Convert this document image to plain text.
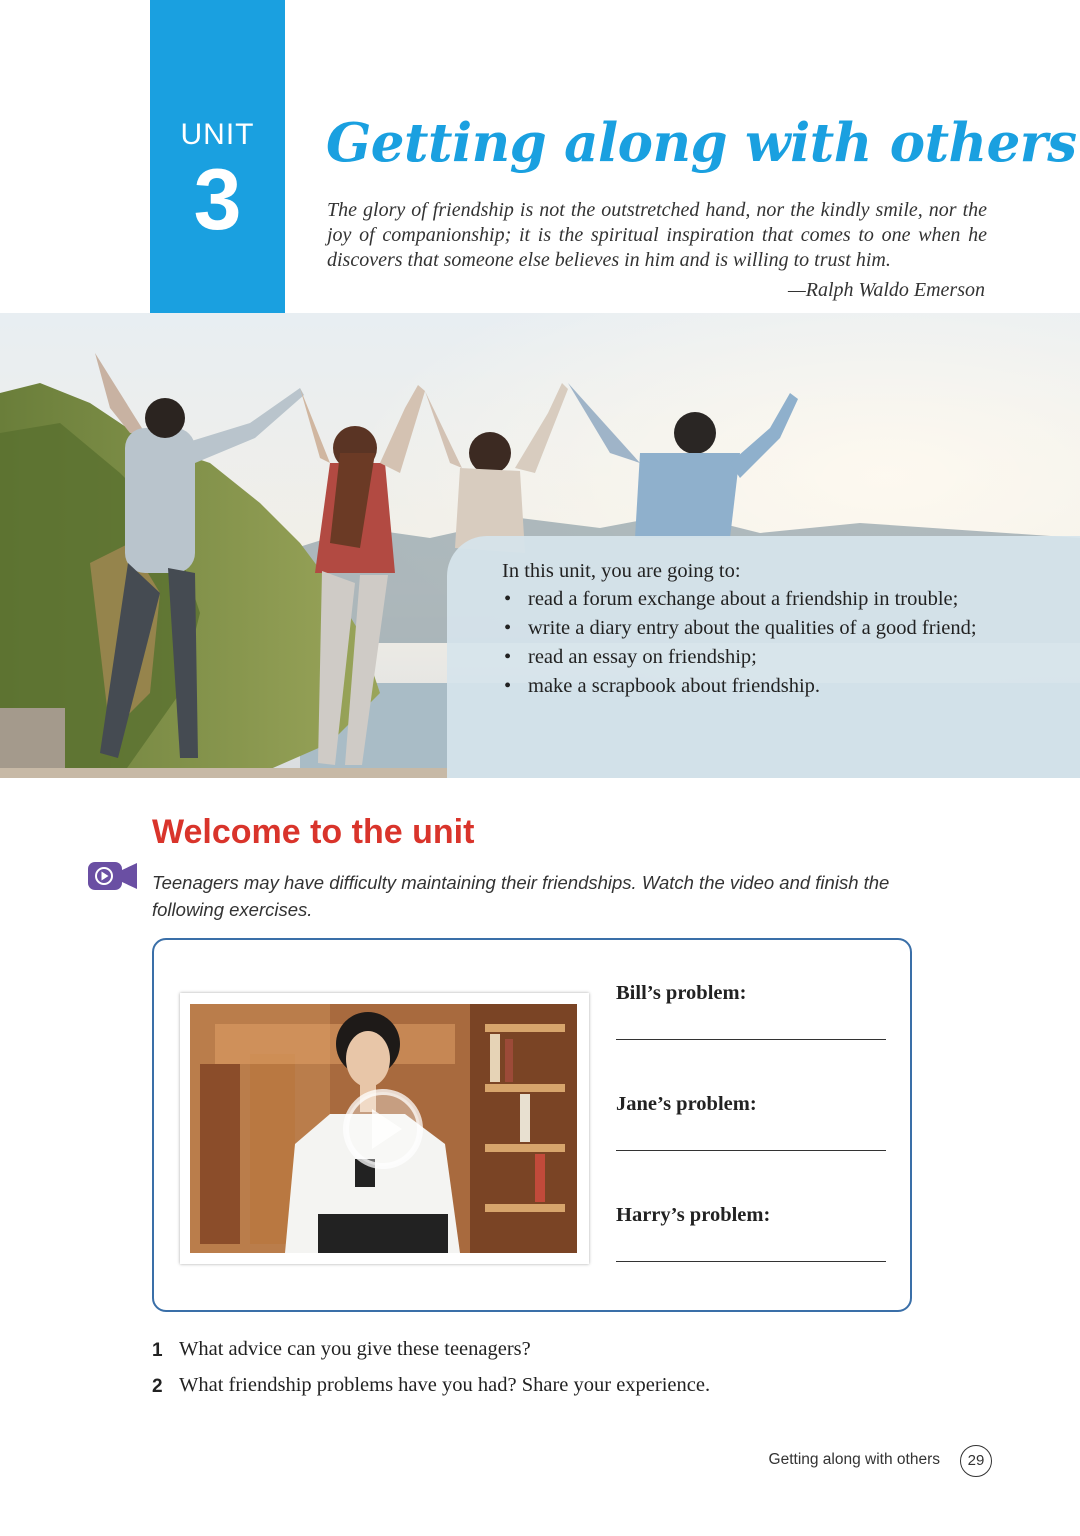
UNIT
3
Getting along with others
The glory of friendship is not the outstretched hand, nor the kindly smile, nor the joy of companionship; it is the spiritual inspiration that comes to one when he discovers that someone else believes in him and is willing to trust him.
—Ralph Waldo Emerson
In this unit, you are going to:
• read a forum exchange about a friendship in trouble;
• write a diary entry about the qualities of a good friend;
• read an essay on friendship;
• make a scrapbook about friendship.
Welcome to the unit
Teenagers may have difficulty maintaining their friendships. Watch the video and finish the following exercises.
Bill’s problem:
Jane’s problem:
Harry’s problem:
1 What advice can you give these teenagers?
2 What friendship problems have you had? Share your experience.
Getting along with others	29
